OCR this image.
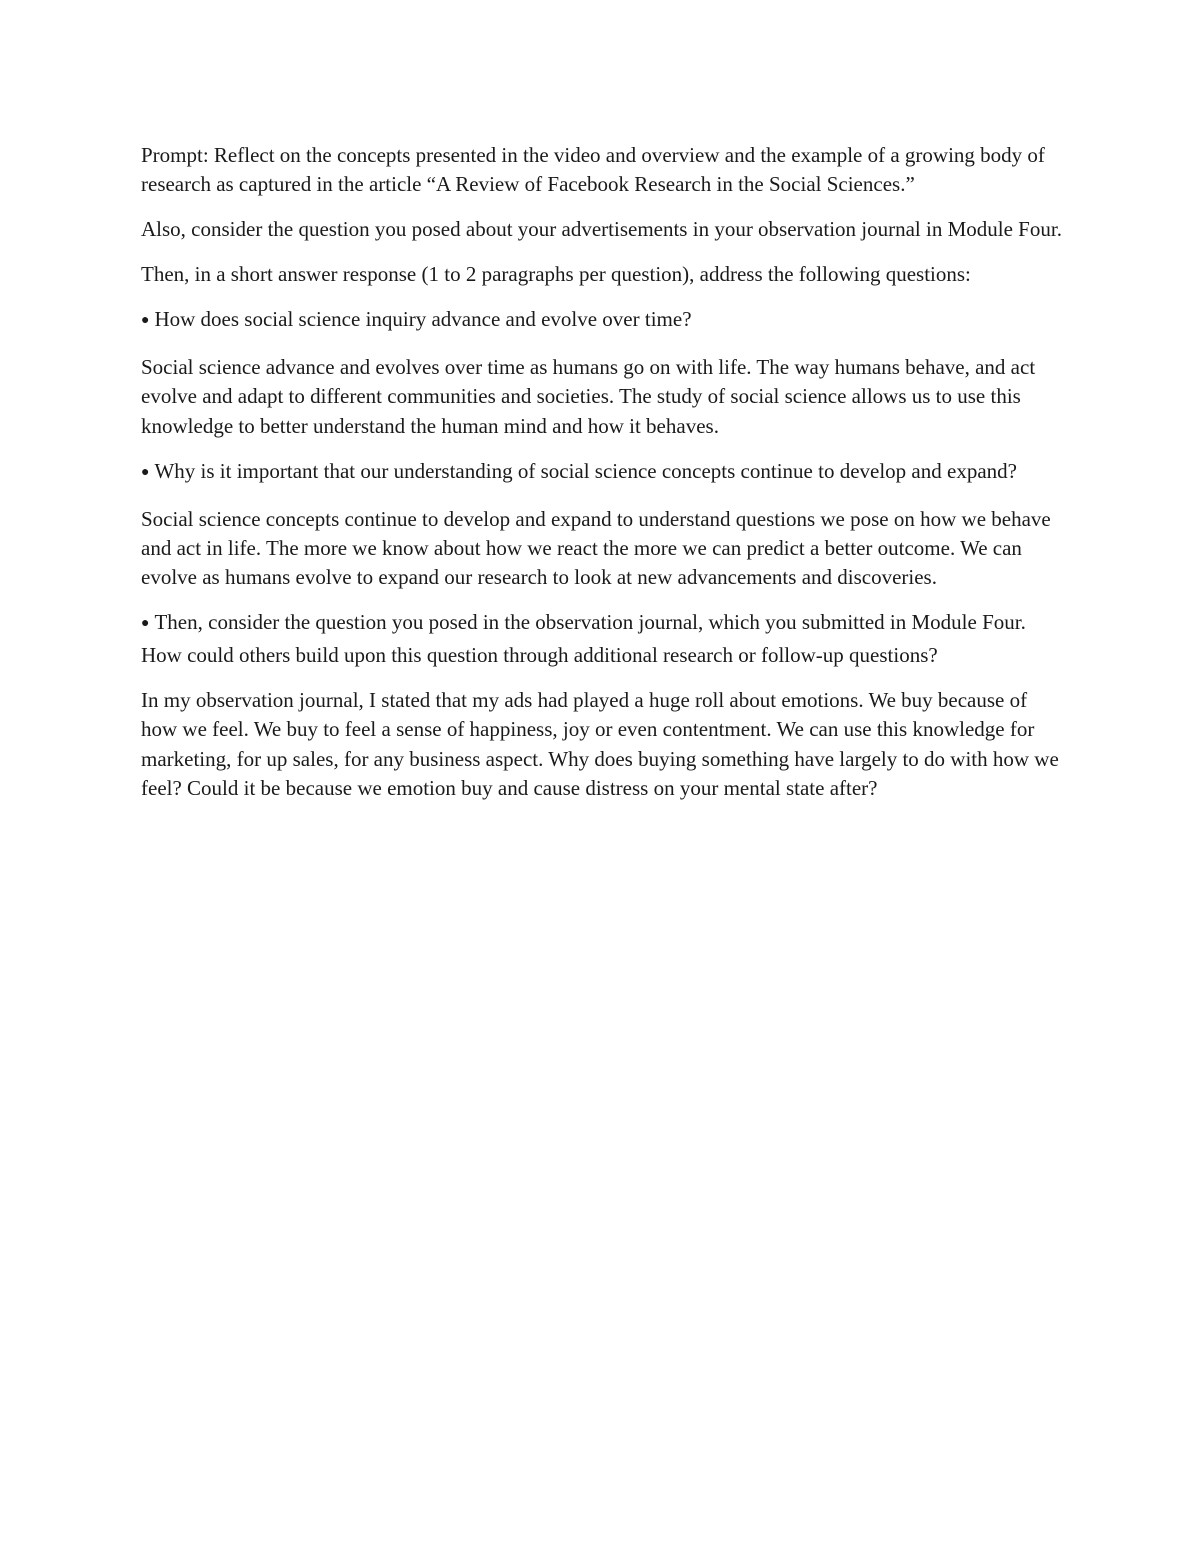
Prompt: Reflect on the concepts presented in the video and overview and the example of a growing body of research as captured in the article “A Review of Facebook Research in the Social Sciences.”

Also, consider the question you posed about your advertisements in your observation journal in Module Four.

Then, in a short answer response (1 to 2 paragraphs per question), address the following questions:

● How does social science inquiry advance and evolve over time?

Social science advance and evolves over time as humans go on with life. The way humans behave, and act evolve and adapt to different communities and societies. The study of social science allows us to use this knowledge to better understand the human mind and how it behaves.

● Why is it important that our understanding of social science concepts continue to develop and expand?

Social science concepts continue to develop and expand to understand questions we pose on how we behave and act in life. The more we know about how we react the more we can predict a better outcome. We can evolve as humans evolve to expand our research to look at new advancements and discoveries.

● Then, consider the question you posed in the observation journal, which you submitted in Module Four. How could others build upon this question through additional research or follow-up questions?

In my observation journal, I stated that my ads had played a huge roll about emotions. We buy because of how we feel. We buy to feel a sense of happiness, joy or even contentment. We can use this knowledge for marketing, for up sales, for any business aspect. Why does buying something have largely to do with how we feel? Could it be because we emotion buy and cause distress on your mental state after?
